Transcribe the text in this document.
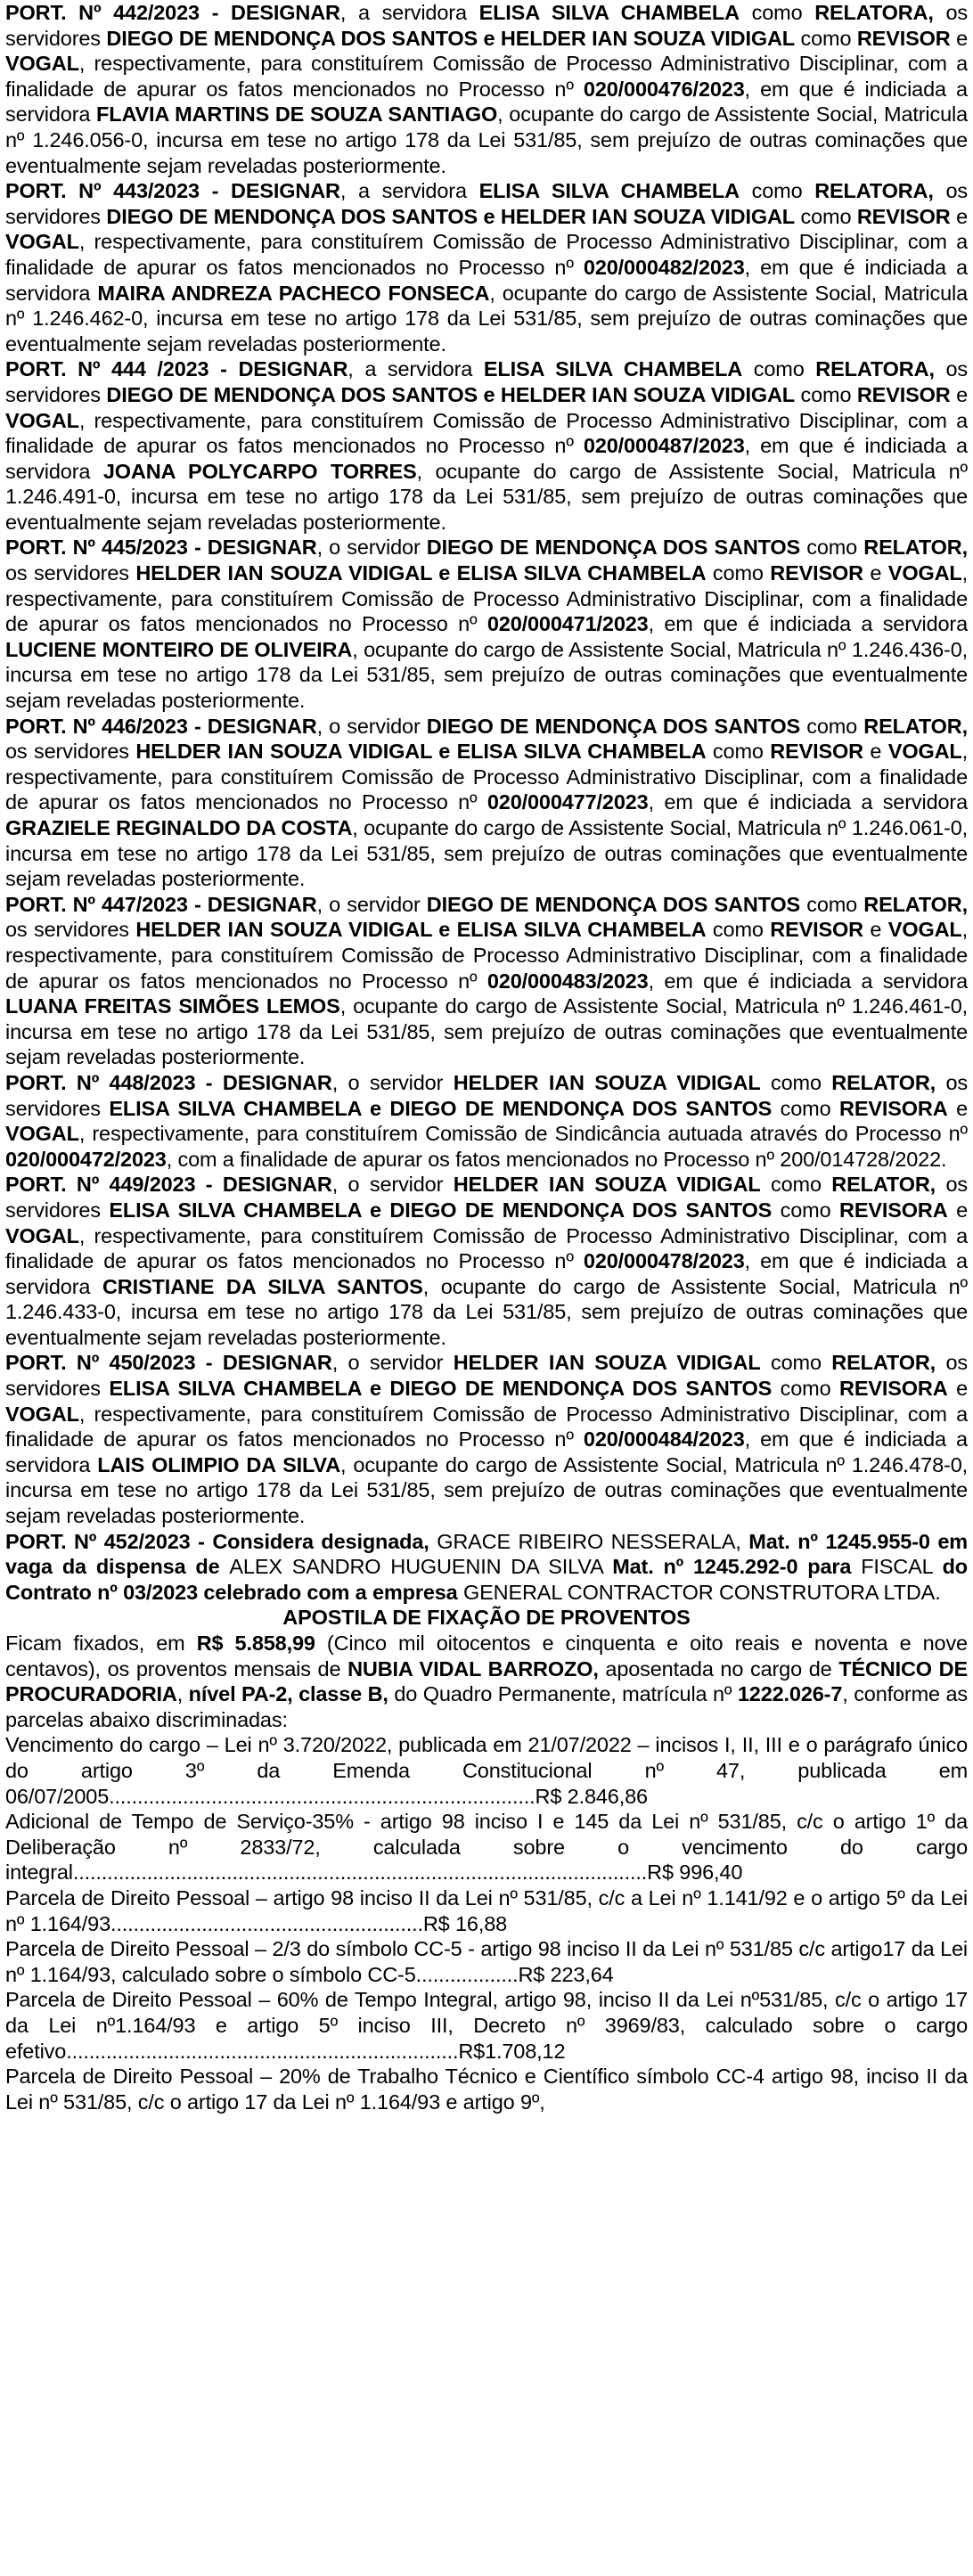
PORT. Nº 442/2023 - DESIGNAR, a servidora ELISA SILVA CHAMBELA como RELATORA, os servidores DIEGO DE MENDONÇA DOS SANTOS e HELDER IAN SOUZA VIDIGAL como REVISOR e VOGAL, respectivamente, para constituírem Comissão de Processo Administrativo Disciplinar, com a finalidade de apurar os fatos mencionados no Processo nº 020/000476/2023, em que é indiciada a servidora FLAVIA MARTINS DE SOUZA SANTIAGO, ocupante do cargo de Assistente Social, Matricula nº 1.246.056-0, incursa em tese no artigo 178 da Lei 531/85, sem prejuízo de outras cominações que eventualmente sejam reveladas posteriormente.

PORT. Nº 443/2023 - DESIGNAR, a servidora ELISA SILVA CHAMBELA como RELATORA, os servidores DIEGO DE MENDONÇA DOS SANTOS e HELDER IAN SOUZA VIDIGAL como REVISOR e VOGAL, respectivamente, para constituírem Comissão de Processo Administrativo Disciplinar, com a finalidade de apurar os fatos mencionados no Processo nº 020/000482/2023, em que é indiciada a servidora MAIRA ANDREZA PACHECO FONSECA, ocupante do cargo de Assistente Social, Matricula nº 1.246.462-0, incursa em tese no artigo 178 da Lei 531/85, sem prejuízo de outras cominações que eventualmente sejam reveladas posteriormente.

PORT. Nº 444 /2023 - DESIGNAR, a servidora ELISA SILVA CHAMBELA como RELATORA, os servidores DIEGO DE MENDONÇA DOS SANTOS e HELDER IAN SOUZA VIDIGAL como REVISOR e VOGAL, respectivamente, para constituírem Comissão de Processo Administrativo Disciplinar, com a finalidade de apurar os fatos mencionados no Processo nº 020/000487/2023, em que é indiciada a servidora JOANA POLYCARPO TORRES, ocupante do cargo de Assistente Social, Matricula nº 1.246.491-0, incursa em tese no artigo 178 da Lei 531/85, sem prejuízo de outras cominações que eventualmente sejam reveladas posteriormente.

PORT. Nº 445/2023 - DESIGNAR, o servidor DIEGO DE MENDONÇA DOS SANTOS como RELATOR, os servidores HELDER IAN SOUZA VIDIGAL e ELISA SILVA CHAMBELA como REVISOR e VOGAL, respectivamente, para constituírem Comissão de Processo Administrativo Disciplinar, com a finalidade de apurar os fatos mencionados no Processo nº 020/000471/2023, em que é indiciada a servidora LUCIENE MONTEIRO DE OLIVEIRA, ocupante do cargo de Assistente Social, Matricula nº 1.246.436-0, incursa em tese no artigo 178 da Lei 531/85, sem prejuízo de outras cominações que eventualmente sejam reveladas posteriormente.

PORT. Nº 446/2023 - DESIGNAR, o servidor DIEGO DE MENDONÇA DOS SANTOS como RELATOR, os servidores HELDER IAN SOUZA VIDIGAL e ELISA SILVA CHAMBELA como REVISOR e VOGAL, respectivamente, para constituírem Comissão de Processo Administrativo Disciplinar, com a finalidade de apurar os fatos mencionados no Processo nº 020/000477/2023, em que é indiciada a servidora GRAZIELE REGINALDO DA COSTA, ocupante do cargo de Assistente Social, Matricula nº 1.246.061-0, incursa em tese no artigo 178 da Lei 531/85, sem prejuízo de outras cominações que eventualmente sejam reveladas posteriormente.

PORT. Nº 447/2023 - DESIGNAR, o servidor DIEGO DE MENDONÇA DOS SANTOS como RELATOR, os servidores HELDER IAN SOUZA VIDIGAL e ELISA SILVA CHAMBELA como REVISOR e VOGAL, respectivamente, para constituírem Comissão de Processo Administrativo Disciplinar, com a finalidade de apurar os fatos mencionados no Processo nº 020/000483/2023, em que é indiciada a servidora LUANA FREITAS SIMÕES LEMOS, ocupante do cargo de Assistente Social, Matricula nº 1.246.461-0, incursa em tese no artigo 178 da Lei 531/85, sem prejuízo de outras cominações que eventualmente sejam reveladas posteriormente.

PORT. Nº 448/2023 - DESIGNAR, o servidor HELDER IAN SOUZA VIDIGAL como RELATOR, os servidores ELISA SILVA CHAMBELA e DIEGO DE MENDONÇA DOS SANTOS como REVISORA e VOGAL, respectivamente, para constituírem Comissão de Sindicância autuada através do Processo nº 020/000472/2023, com a finalidade de apurar os fatos mencionados no Processo nº 200/014728/2022.

PORT. Nº 449/2023 - DESIGNAR, o servidor HELDER IAN SOUZA VIDIGAL como RELATOR, os servidores ELISA SILVA CHAMBELA e DIEGO DE MENDONÇA DOS SANTOS como REVISORA e VOGAL, respectivamente, para constituírem Comissão de Processo Administrativo Disciplinar, com a finalidade de apurar os fatos mencionados no Processo nº 020/000478/2023, em que é indiciada a servidora CRISTIANE DA SILVA SANTOS, ocupante do cargo de Assistente Social, Matricula nº 1.246.433-0, incursa em tese no artigo 178 da Lei 531/85, sem prejuízo de outras cominações que eventualmente sejam reveladas posteriormente.

PORT. Nº 450/2023 - DESIGNAR, o servidor HELDER IAN SOUZA VIDIGAL como RELATOR, os servidores ELISA SILVA CHAMBELA e DIEGO DE MENDONÇA DOS SANTOS como REVISORA e VOGAL, respectivamente, para constituírem Comissão de Processo Administrativo Disciplinar, com a finalidade de apurar os fatos mencionados no Processo nº 020/000484/2023, em que é indiciada a servidora LAIS OLIMPIO DA SILVA, ocupante do cargo de Assistente Social, Matricula nº 1.246.478-0, incursa em tese no artigo 178 da Lei 531/85, sem prejuízo de outras cominações que eventualmente sejam reveladas posteriormente.

PORT. Nº 452/2023 - Considera designada, GRACE RIBEIRO NESSERALA, Mat. nº 1245.955-0 em vaga da dispensa de ALEX SANDRO HUGUENIN DA SILVA Mat. nº 1245.292-0 para FISCAL do Contrato nº 03/2023 celebrado com a empresa GENERAL CONTRACTOR CONSTRUTORA LTDA.

APOSTILA DE FIXAÇÃO DE PROVENTOS

Ficam fixados, em R$ 5.858,99 (Cinco mil oitocentos e cinquenta e oito reais e noventa e nove centavos), os proventos mensais de NUBIA VIDAL BARROZO, aposentada no cargo de TÉCNICO DE PROCURADORIA, nível PA-2, classe B, do Quadro Permanente, matrícula nº 1222.026-7, conforme as parcelas abaixo discriminadas:

Vencimento do cargo – Lei nº 3.720/2022, publicada em 21/07/2022 – incisos I, II, III e o parágrafo único do artigo 3º da Emenda Constitucional nº 47, publicada em 06/07/2005...........................................................................R$ 2.846,86

Adicional de Tempo de Serviço-35% - artigo 98 inciso I e 145 da Lei nº 531/85, c/c o artigo 1º da Deliberação nº 2833/72, calculada sobre o vencimento do cargo integral.....................................................................................................R$ 996,40

Parcela de Direito Pessoal – artigo 98 inciso II da Lei nº 531/85, c/c a Lei nº 1.141/92 e o artigo 5º da Lei nº 1.164/93.......................................................R$ 16,88

Parcela de Direito Pessoal – 2/3 do símbolo CC-5 - artigo 98 inciso II da Lei nº 531/85 c/c artigo17 da Lei nº 1.164/93, calculado sobre o símbolo CC-5..................R$ 223,64

Parcela de Direito Pessoal – 60% de Tempo Integral, artigo 98, inciso II da Lei nº531/85, c/c o artigo 17 da Lei nº1.164/93 e artigo 5º inciso III, Decreto nº 3969/83, calculado sobre o cargo efetivo.....................................................................R$1.708,12

Parcela de Direito Pessoal – 20% de Trabalho Técnico e Científico símbolo CC-4 artigo 98, inciso II da Lei nº 531/85, c/c o artigo 17 da Lei nº 1.164/93 e artigo 9º,
